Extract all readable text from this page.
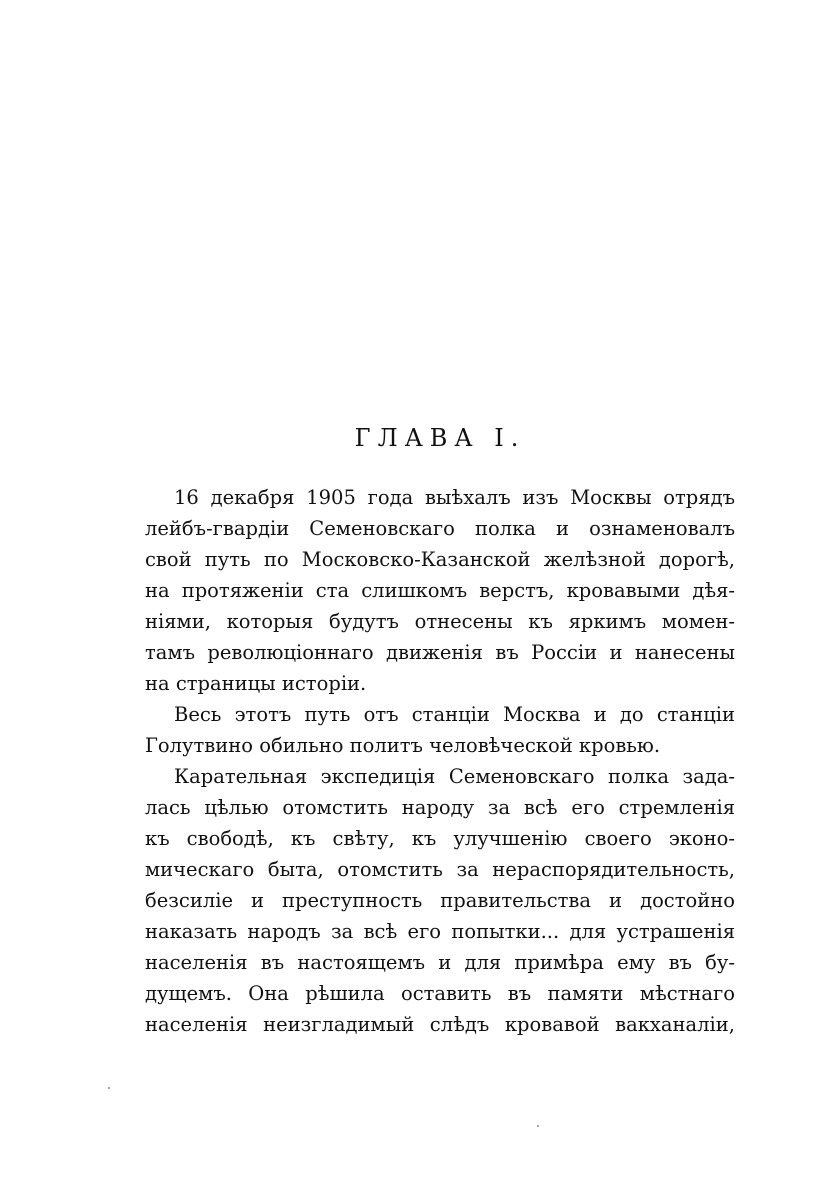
ГЛАВА I.
16 декабря 1905 года выѣхалъ изъ Москвы отрядъ
лейбъ-гвардіи Семеновскаго полка и ознаменовалъ
свой путь по Московско-Казанской желѣзной дорогѣ,
на протяженіи ста слишкомъ верстъ, кровавыми дѣя-
ніями, которыя будутъ отнесены къ яркимъ момен-
тамъ революціоннаго движенія въ Россіи и нанесены
на страницы исторіи.
Весь этотъ путь отъ станціи Москва и до станціи
Голутвино обильно политъ человѣческой кровью.
Карательная экспедиція Семеновскаго полка зада-
лась цѣлью отомстить народу за всѣ его стремленія
къ свободѣ, къ свѣту, къ улучшенію своего эконо-
мическаго быта, отомстить за нераспорядительность,
безсиліе и преступность правительства и достойно
наказать народъ за всѣ его попытки... для устрашенія
населенія въ настоящемъ и для примѣра ему въ бу-
дущемъ. Она рѣшила оставить въ памяти мѣстнаго
населенія неизгладимый слѣдъ кровавой вакханаліи,
